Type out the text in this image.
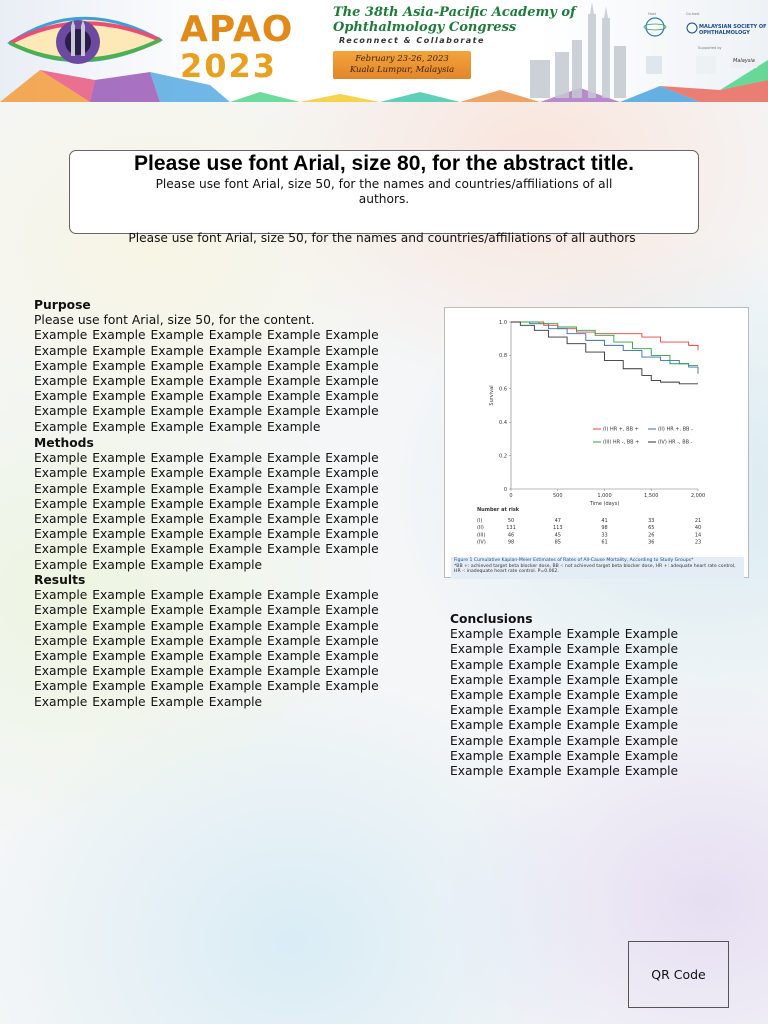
APAO
2023
The 38th Asia-Pacific Academy of Ophthalmology Congress
Reconnect & Collaborate
February 23-26, 2023
Kuala Lumpur, Malaysia
Host	Co-host
MALAYSIAN SOCIETY OF OPHTHALMOLOGY
Supported by
Malaysia
Please use font Arial, size 80, for the abstract title.
Please use font Arial, size 50, for the names and countries/affiliations of all authors.
Please use font Arial, size 50, for the names and countries/affiliations of all authors
Purpose
Please use font Arial, size 50, for the content.
Example Example Example Example Example Example Example Example Example Example Example Example Example Example Example Example Example Example Example Example Example Example Example Example Example Example Example Example Example Example Example Example Example Example Example Example Example Example Example Example Example
Methods
Example Example Example Example Example Example Example Example Example Example Example Example Example Example Example Example Example Example Example Example Example Example Example Example Example Example Example Example Example Example Example Example Example Example Example Example Example Example Example Example Example Example Example Example Example Example
Results
Example Example Example Example Example Example Example Example Example Example Example Example Example Example Example Example Example Example Example Example Example Example Example Example Example Example Example Example Example Example Example Example Example Example Example Example Example Example Example Example Example Example Example Example Example Example
0
0.2
0.4
0.6
0.8
1.0
0	500	1,000	1,500	2,000
Time (days)
Survival
(I) HR +, BB +	(II) HR +, BB -
(III) HR -, BB +	(IV) HR -, BB -
Number at risk
(I)	50	47	41	33	21
(II)	131	113	98	65	40
(III)	46	45	33	26	14
(IV)	98	85	61	36	23
Figure 1 Cumulative Kaplan-Meier Estimates of Rates of All-Cause Mortality, According to Study Groups*
*BB +: achieved target beta blocker dose, BB -: not achieved target beta blocker dose, HR +: adequate heart rate control, HR -: inadequate heart rate control. P=0.062.
Conclusions
Example Example Example Example Example Example Example Example Example Example Example Example Example Example Example Example Example Example Example Example Example Example Example Example Example Example Example Example Example Example Example Example Example Example Example Example Example Example Example Example
QR Code
